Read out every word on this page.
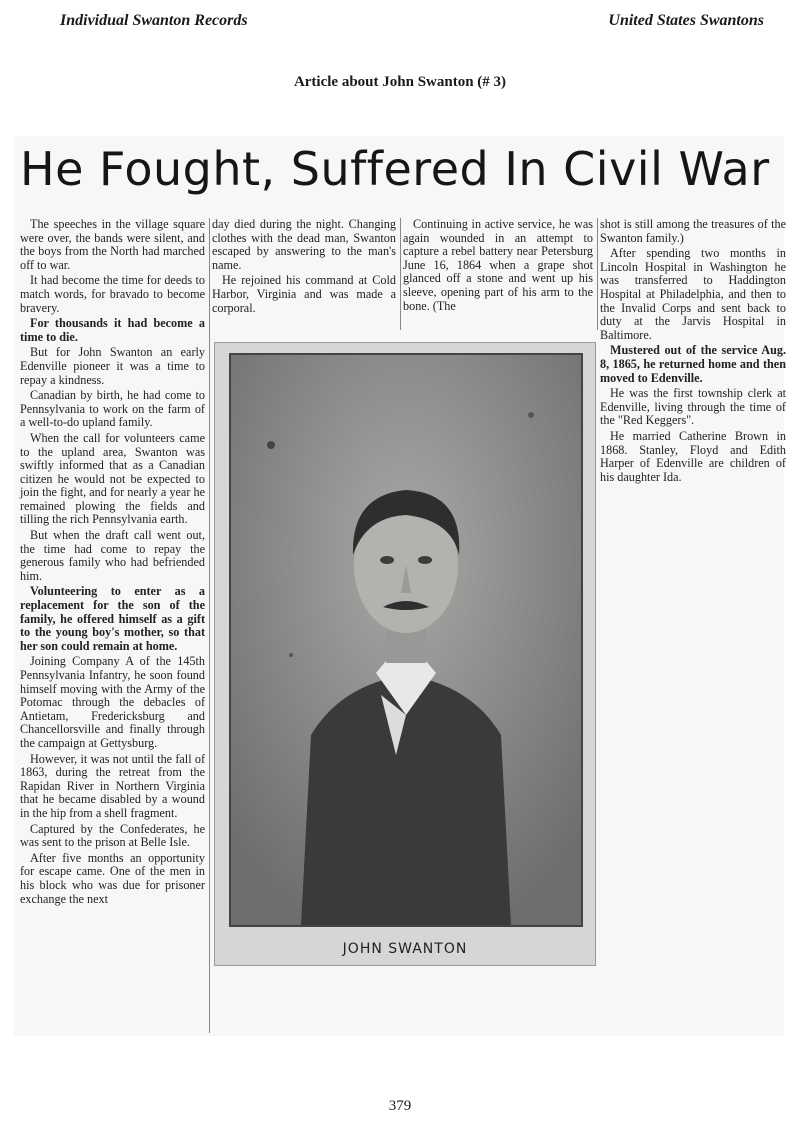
Individual Swanton Records	United States Swantons
Article about John Swanton (# 3)
He Fought, Suffered In Civil War

The speeches in the village square were over, the bands were silent, and the boys from the North had marched off to war.

It had become the time for deeds to match words, for bravado to become bravery.

For thousands it had become a time to die.

But for John Swanton an early Edenville pioneer it was a time to repay a kindness.

Canadian by birth, he had come to Pennsylvania to work on the farm of a well-to-do upland family.

When the call for volunteers came to the upland area, Swanton was swiftly informed that as a Canadian citizen he would not be expected to join the fight, and for nearly a year he remained plowing the fields and tilling the rich Pennsylvania earth.

But when the draft call went out, the time had come to repay the generous family who had befriended him.

Volunteering to enter as a replacement for the son of the family, he offered himself as a gift to the young boy's mother, so that her son could remain at home.

Joining Company A of the 145th Pennsylvania Infantry, he soon found himself moving with the Army of the Potomac through the debacles of Antietam, Fredericksburg and Chancellorsville and finally through the campaign at Gettysburg.

However, it was not until the fall of 1863, during the retreat from the Rapidan River in Northern Virginia that he became disabled by a wound in the hip from a shell fragment.

Captured by the Confederates, he was sent to the prison at Belle Isle.

After five months an opportunity for escape came. One of the men in his block who was due for prisoner exchange the next

day died during the night. Changing clothes with the dead man, Swanton escaped by answering to the man's name.

He rejoined his command at Cold Harbor, Virginia and was made a corporal.

Continuing in active service, he was again wounded in an attempt to capture a rebel battery near Petersburg June 16, 1864 when a grape shot glanced off a stone and went up his sleeve, opening part of his arm to the bone. (The

shot is still among the treasures of the Swanton family.)

After spending two months in Lincoln Hospital in Washington he was transferred to Haddington Hospital at Philadelphia, and then to the Invalid Corps and sent back to duty at the Jarvis Hospital in Baltimore.

Mustered out of the service Aug. 8, 1865, he returned home and then moved to Edenville.

He was the first township clerk at Edenville, living through the time of the "Red Keggers".

He married Catherine Brown in 1868. Stanley, Floyd and Edith Harper of Edenville are children of his daughter Ida.

JOHN SWANTON
379
